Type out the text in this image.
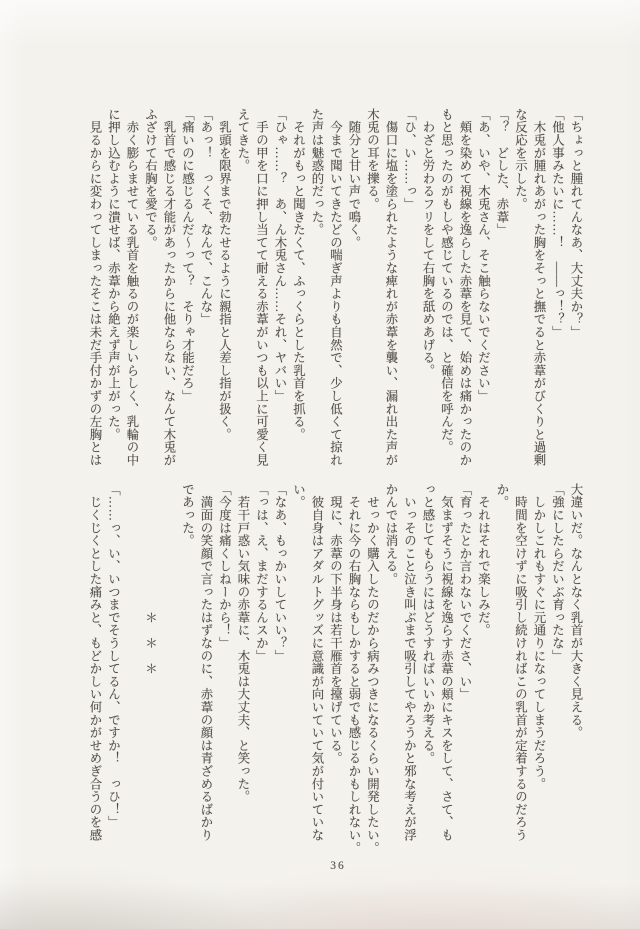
「ちょっと腫れてんなあ、大丈夫か？」
「他人事みたいに……！　――っ！？」
　木兎が腫れあがった胸をそっと撫でると赤葦がびくりと過剰
な反応を示した。
「？　どした、赤葦」
「あ、いや、木兎さん、そこ触らないでください」
　頬を染めて視線を逸らした赤葦を見て、始めは痛かったのか
もと思ったのがもしや感じているのでは、と確信を呼んだ。
　わざと労わるフリをして右胸を舐めあげる。
「ひ、い……っ」
　傷口に塩を塗られたような痺れが赤葦を襲い、漏れ出た声が
木兎の耳を擽る。
　随分と甘い声で鳴く。
　今まで聞いてきたどの喘ぎ声よりも自然で、少し低くて掠れ
た声は魅惑的だった。
　それがもっと聞きたくて、ふっくらとした乳首を抓る。
「ひゃ……？　あ、ん木兎さん……それ、ヤバい」
　手の甲を口に押し当てて耐える赤葦がいつも以上に可愛く見
えてきた。
　乳頭を限界まで勃たせるように親指と人差し指が扱く。
「あっ！　っくそ、なんで、こんな」
「痛いのに感じるんだ～って？　そりゃ才能だろ」
　乳首で感じる才能があったからに他ならない、なんて木兎が
ふざけて右胸を愛でる。
　赤く膨らませている乳首を触るのが楽しいらしく、乳輪の中
に押し込むように潰せば、赤葦から絶えず声が上がった。
　見るからに変わってしまったそこは未だ手付かずの左胸とは
大違いだ。なんとなく乳首が大きく見える。
「強にしたらだいぶ育ったな」
　しかしこれもすぐに元通りになってしまうだろう。
　時間を空けずに吸引し続ければこの乳首が定着するのだろう
か。
　それはそれで楽しみだ。
「育ったとか言わないでくださ、い」
　気まずそうに視線を逸らす赤葦の頬にキスをして、さて、も
っと感じてもらうにはどうすればいいか考える。
　いっそのこと泣き叫ぶまで吸引してやろうかと邪な考えが浮
かんでは消える。
　せっかく購入したのだから病みつきになるくらい開発したい。
　それに今の右胸ならもしかすると弱でも感じるかもしれない。
　現に、赤葦の下半身は若干雁首を擡げている。
　彼自身はアダルトグッズに意識が向いていて気が付いていな
い。
「なあ、もっかいしていい？」
「っは、え、まだするんスか」
　若干戸惑い気味の赤葦に、木兎は大丈夫、と笑った。
「今度は痛くしねーから！」
　満面の笑顔で言ったはずなのに、赤葦の顔は青ざめるばかり
であった。
　　　　　　　　　　＊　＊　＊
「……っ、い、いつまでそうしてるん、ですか！　っひ！」
　じくじくとした痛みと、もどかしい何かがせめぎ合うのを感
36
